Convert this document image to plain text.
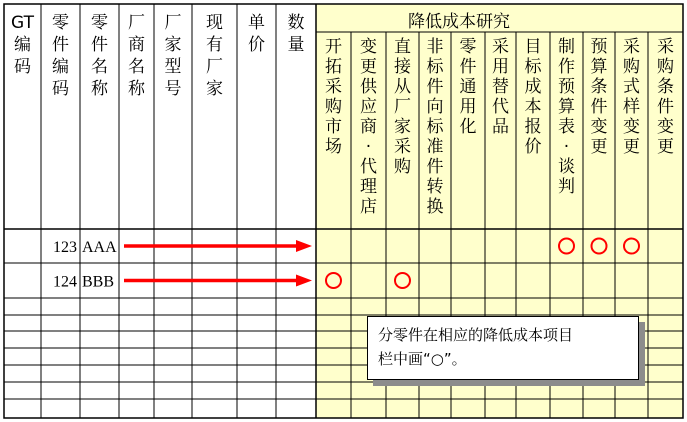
降低成本研究
GT
编
码
零
件
编
码
零
件
名
称
厂
商
名
称
厂
家
型
号
现
有
厂
家
单
价
数
量 开
拓
采
购
市
场
变
更
供
应
商
·
代
理
店
直
接
从
厂
家
采
购
非
标
件
向
标
准
件
转
换
零
件
通
用
化
采
用
替
代
品
目
标
成
本
报
价
制
作
预
算
表
·
谈
判
预
算
条
件
变
更
采
购
式
样
变
更
采
购
条
件
变
更
123 AAA
124 BBB
分零件在相应的降低成本项目
栏中画“○”。
